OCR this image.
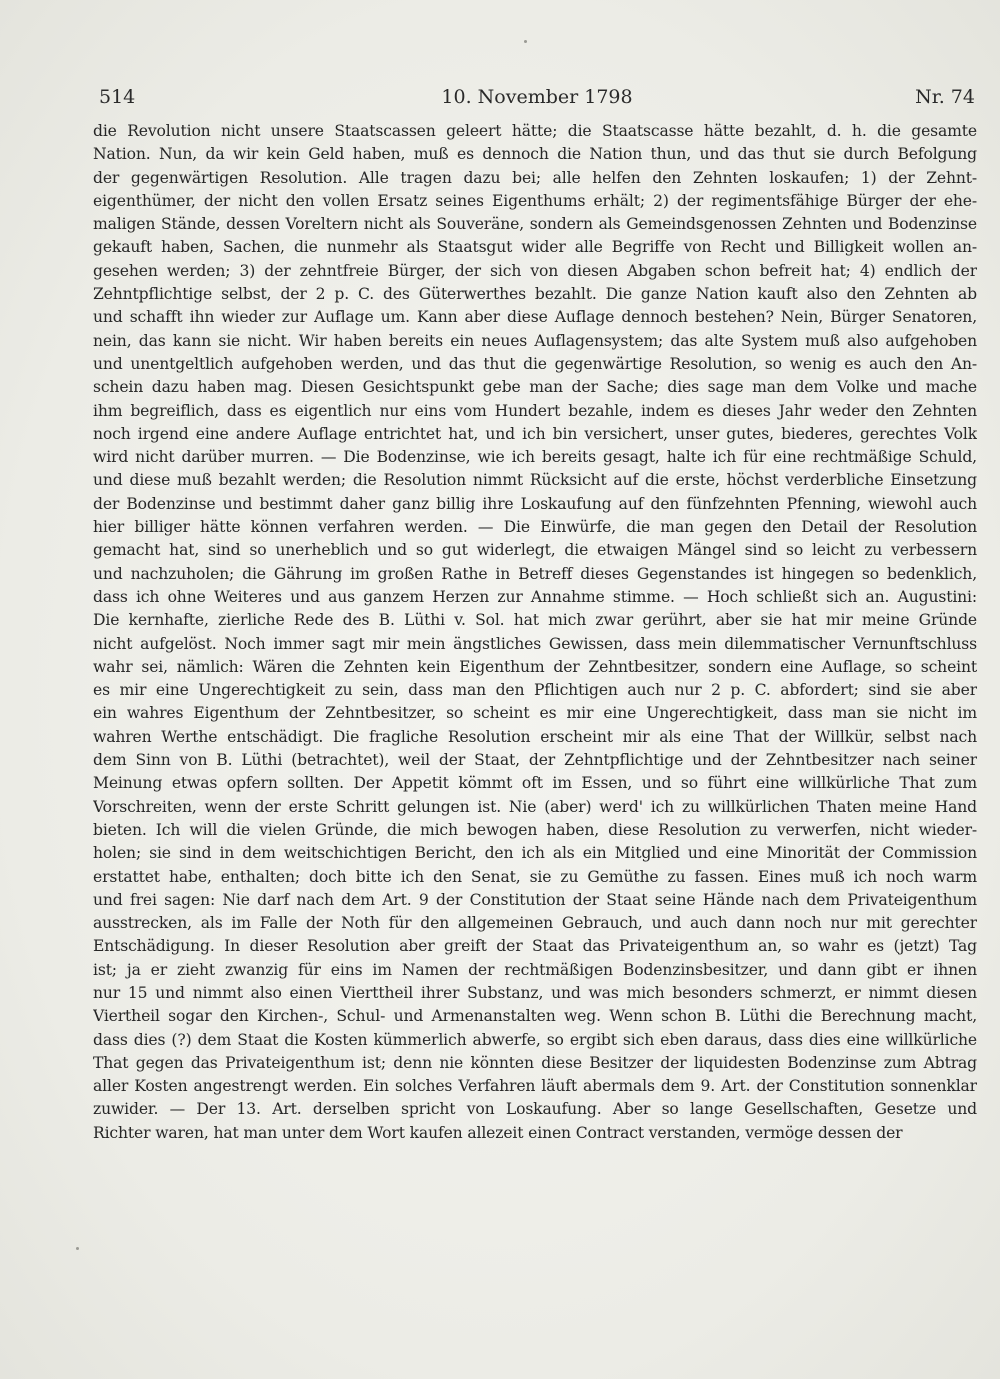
514	10. November 1798	Nr. 74
die Revolution nicht unsere Staatscassen geleert hätte; die Staatscasse hätte bezahlt, d. h. die gesamte
Nation. Nun, da wir kein Geld haben, muß es dennoch die Nation thun, und das thut sie durch Befolgung
der gegenwärtigen Resolution. Alle tragen dazu bei; alle helfen den Zehnten loskaufen; 1) der Zehnt-
eigenthümer, der nicht den vollen Ersatz seines Eigenthums erhält; 2) der regimentsfähige Bürger der ehe-
maligen Stände, dessen Voreltern nicht als Souveräne, sondern als Gemeindsgenossen Zehnten und Bodenzinse
gekauft haben, Sachen, die nunmehr als Staatsgut wider alle Begriffe von Recht und Billigkeit wollen an-
gesehen werden; 3) der zehntfreie Bürger, der sich von diesen Abgaben schon befreit hat; 4) endlich der
Zehntpflichtige selbst, der 2 p. C. des Güterwerthes bezahlt. Die ganze Nation kauft also den Zehnten ab
und schafft ihn wieder zur Auflage um. Kann aber diese Auflage dennoch bestehen? Nein, Bürger Senatoren,
nein, das kann sie nicht. Wir haben bereits ein neues Auflagensystem; das alte System muß also aufgehoben
und unentgeltlich aufgehoben werden, und das thut die gegenwärtige Resolution, so wenig es auch den An-
schein dazu haben mag. Diesen Gesichtspunkt gebe man der Sache; dies sage man dem Volke und mache
ihm begreiflich, dass es eigentlich nur eins vom Hundert bezahle, indem es dieses Jahr weder den Zehnten
noch irgend eine andere Auflage entrichtet hat, und ich bin versichert, unser gutes, biederes, gerechtes Volk
wird nicht darüber murren. — Die Bodenzinse, wie ich bereits gesagt, halte ich für eine rechtmäßige Schuld,
und diese muß bezahlt werden; die Resolution nimmt Rücksicht auf die erste, höchst verderbliche Einsetzung
der Bodenzinse und bestimmt daher ganz billig ihre Loskaufung auf den fünfzehnten Pfenning, wiewohl auch
hier billiger hätte können verfahren werden. — Die Einwürfe, die man gegen den Detail der Resolution
gemacht hat, sind so unerheblich und so gut widerlegt, die etwaigen Mängel sind so leicht zu verbessern
und nachzuholen; die Gährung im großen Rathe in Betreff dieses Gegenstandes ist hingegen so bedenklich,
dass ich ohne Weiteres und aus ganzem Herzen zur Annahme stimme. — Hoch schließt sich an. Augustini:
Die kernhafte, zierliche Rede des B. Lüthi v. Sol. hat mich zwar gerührt, aber sie hat mir meine Gründe
nicht aufgelöst. Noch immer sagt mir mein ängstliches Gewissen, dass mein dilemmatischer Vernunftschluss
wahr sei, nämlich: Wären die Zehnten kein Eigenthum der Zehntbesitzer, sondern eine Auflage, so scheint
es mir eine Ungerechtigkeit zu sein, dass man den Pflichtigen auch nur 2 p. C. abfordert; sind sie aber
ein wahres Eigenthum der Zehntbesitzer, so scheint es mir eine Ungerechtigkeit, dass man sie nicht im
wahren Werthe entschädigt. Die fragliche Resolution erscheint mir als eine That der Willkür, selbst nach
dem Sinn von B. Lüthi (betrachtet), weil der Staat, der Zehntpflichtige und der Zehntbesitzer nach seiner
Meinung etwas opfern sollten. Der Appetit kömmt oft im Essen, und so führt eine willkürliche That zum
Vorschreiten, wenn der erste Schritt gelungen ist. Nie (aber) werd' ich zu willkürlichen Thaten meine Hand
bieten. Ich will die vielen Gründe, die mich bewogen haben, diese Resolution zu verwerfen, nicht wieder-
holen; sie sind in dem weitschichtigen Bericht, den ich als ein Mitglied und eine Minorität der Commission
erstattet habe, enthalten; doch bitte ich den Senat, sie zu Gemüthe zu fassen. Eines muß ich noch warm
und frei sagen: Nie darf nach dem Art. 9 der Constitution der Staat seine Hände nach dem Privateigenthum
ausstrecken, als im Falle der Noth für den allgemeinen Gebrauch, und auch dann noch nur mit gerechter
Entschädigung. In dieser Resolution aber greift der Staat das Privateigenthum an, so wahr es (jetzt) Tag
ist; ja er zieht zwanzig für eins im Namen der rechtmäßigen Bodenzinsbesitzer, und dann gibt er ihnen
nur 15 und nimmt also einen Vierttheil ihrer Substanz, und was mich besonders schmerzt, er nimmt diesen
Viertheil sogar den Kirchen-, Schul- und Armenanstalten weg. Wenn schon B. Lüthi die Berechnung macht,
dass dies (?) dem Staat die Kosten kümmerlich abwerfe, so ergibt sich eben daraus, dass dies eine willkürliche
That gegen das Privateigenthum ist; denn nie könnten diese Besitzer der liquidesten Bodenzinse zum Abtrag
aller Kosten angestrengt werden. Ein solches Verfahren läuft abermals dem 9. Art. der Constitution sonnenklar
zuwider. — Der 13. Art. derselben spricht von Loskaufung. Aber so lange Gesellschaften, Gesetze und
Richter waren, hat man unter dem Wort kaufen allezeit einen Contract verstanden, vermöge dessen der
